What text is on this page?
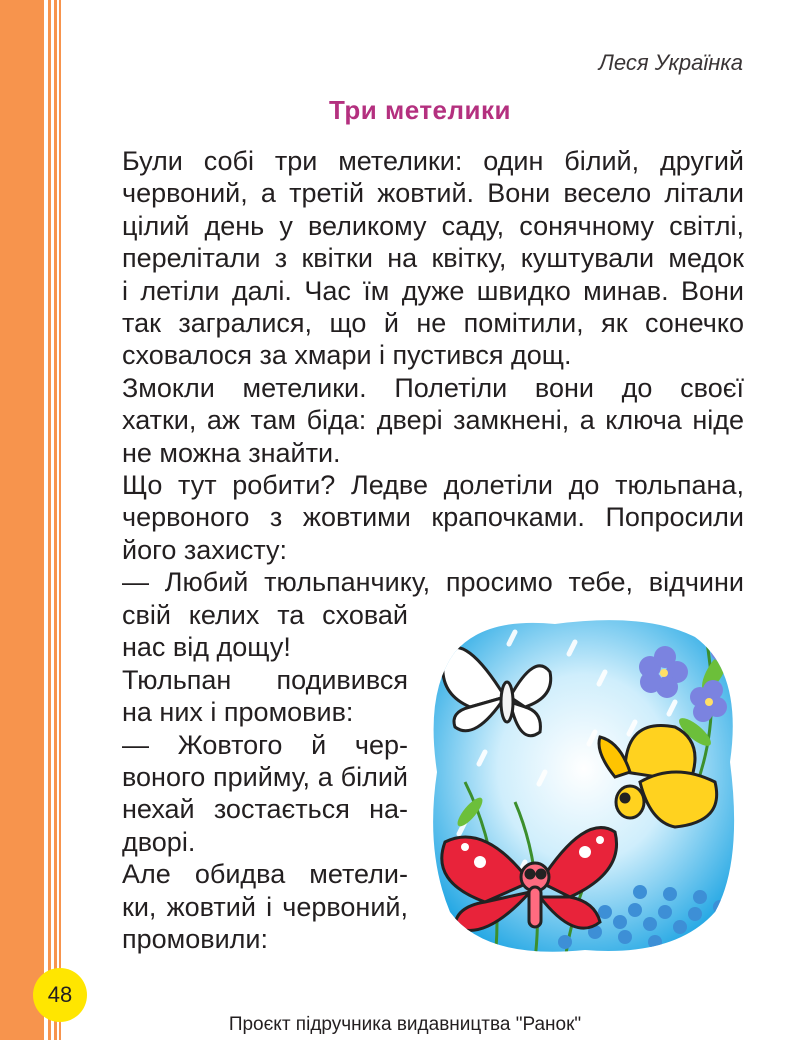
Леся Українка
Три метелики
Були собі три метелики: один білий, другий
червоний, а третій жовтий. Вони весело літали
цілий день у великому саду, сонячному світлі,
перелітали з квітки на квітку, куштували медок
і летіли далі. Час їм дуже швидко минав. Вони
так загралися, що й не помітили, як сонечко
сховалося за хмари і пустився дощ.
Змокли метелики. Полетіли вони до своєї
хатки, аж там біда: двері замкнені, а ключа ніде
не можна знайти.
Що тут робити? Ледве долетіли до тюльпана,
червоного з жовтими крапочками. Попросили
його захисту:
— Любий тюльпанчику, просимо тебе, відчини
свій келих та сховай
нас від дощу!
Тюльпан подивився
на них і промовив:
— Жовтого й чер-
воного прийму, а білий
нехай зостається на-
дворі.
Але обидва метели-
ки, жовтий і червоний,
промовили:
48
Проєкт підручника видавництва "Ранок"
